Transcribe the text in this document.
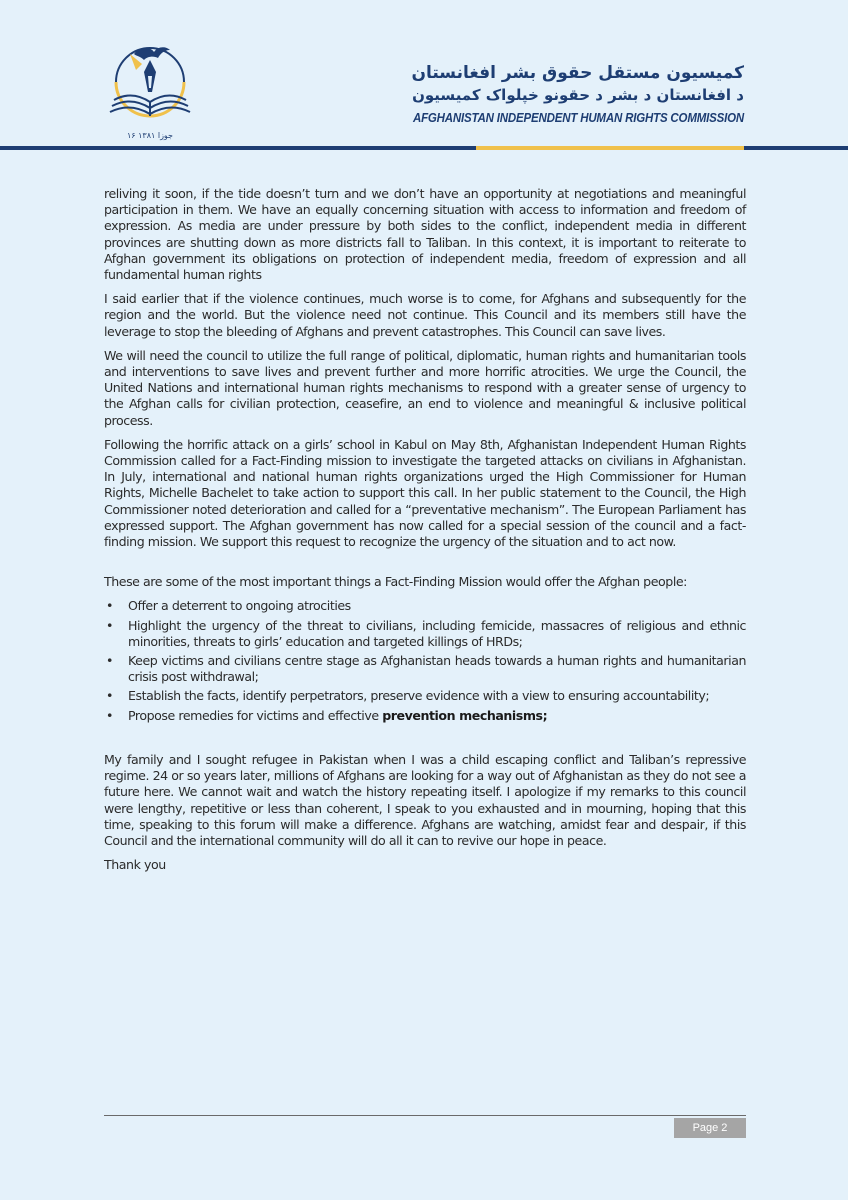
۱۶ جوزا ۱۳۸۱
کمیسیون مستقل حقوق بشر افغانستان
د افغانستان د بشر د حقونو خپلواک کمیسیون
AFGHANISTAN INDEPENDENT HUMAN RIGHTS COMMISSION

reliving it soon, if the tide doesn’t turn and we don’t have an opportunity at negotiations and meaningful participation in them. We have an equally concerning situation with access to information and freedom of expression. As media are under pressure by both sides to the conflict, independent media in different provinces are shutting down as more districts fall to Taliban. In this context, it is important to reiterate to Afghan government its obligations on protection of independent media, freedom of expression and all fundamental human rights

I said earlier that if the violence continues, much worse is to come, for Afghans and subsequently for the region and the world. But the violence need not continue. This Council and its members still have the leverage to stop the bleeding of Afghans and prevent catastrophes. This Council can save lives.

We will need the council to utilize the full range of political, diplomatic, human rights and humanitarian tools and interventions to save lives and prevent further and more horrific atrocities. We urge the Council, the United Nations and international human rights mechanisms to respond with a greater sense of urgency to the Afghan calls for civilian protection, ceasefire, an end to violence and meaningful & inclusive political process.

Following the horrific attack on a girls’ school in Kabul on May 8th, Afghanistan Independent Human Rights Commission called for a Fact-Finding mission to investigate the targeted attacks on civilians in Afghanistan. In July, international and national human rights organizations urged the High Commissioner for Human Rights, Michelle Bachelet to take action to support this call. In her public statement to the Council, the High Commissioner noted deterioration and called for a “preventative mechanism”. The European Parliament has expressed support. The Afghan government has now called for a special session of the council and a fact-finding mission. We support this request to recognize the urgency of the situation and to act now.

These are some of the most important things a Fact-Finding Mission would offer the Afghan people:

• Offer a deterrent to ongoing atrocities
• Highlight the urgency of the threat to civilians, including femicide, massacres of religious and ethnic minorities, threats to girls’ education and targeted killings of HRDs;
• Keep victims and civilians centre stage as Afghanistan heads towards a human rights and humanitarian crisis post withdrawal;
• Establish the facts, identify perpetrators, preserve evidence with a view to ensuring accountability;
• Propose remedies for victims and effective prevention mechanisms;

My family and I sought refugee in Pakistan when I was a child escaping conflict and Taliban’s repressive regime. 24 or so years later, millions of Afghans are looking for a way out of Afghanistan as they do not see a future here. We cannot wait and watch the history repeating itself. I apologize if my remarks to this council were lengthy, repetitive or less than coherent, I speak to you exhausted and in mourning, hoping that this time, speaking to this forum will make a difference. Afghans are watching, amidst fear and despair, if this Council and the international community will do all it can to revive our hope in peace.

Thank you

Page 2
